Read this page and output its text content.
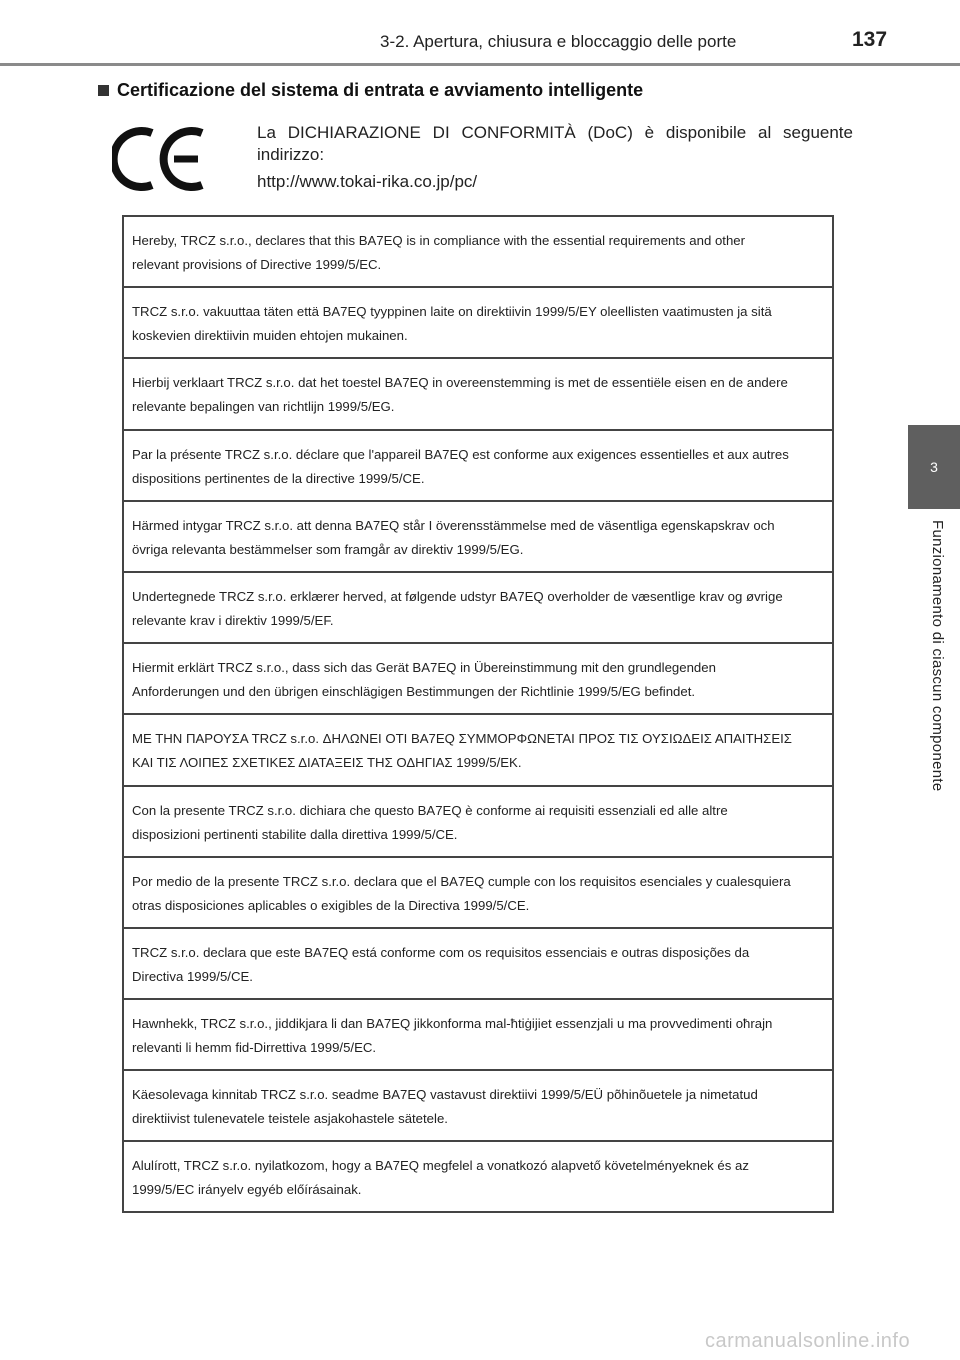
3-2. Apertura, chiusura e bloccaggio delle porte	137
3
Funzionamento di ciascun componente
Certificazione del sistema di entrata e avviamento intelligente
La DICHIARAZIONE DI CONFORMITÀ (DoC) è disponibile al seguente indirizzo:
http://www.tokai-rika.co.jp/pc/
Hereby, TRCZ s.r.o., declares that this BA7EQ is in compliance with the essential requirements and other relevant provisions of Directive 1999/5/EC.
TRCZ s.r.o. vakuuttaa täten että BA7EQ tyyppinen laite on direktiivin 1999/5/EY oleellisten vaatimusten ja sitä koskevien direktiivin muiden ehtojen mukainen.
Hierbij verklaart TRCZ s.r.o. dat het toestel BA7EQ in overeenstemming is met de essentiële eisen en de andere relevante bepalingen van richtlijn 1999/5/EG.
Par la présente TRCZ s.r.o. déclare que l'appareil BA7EQ est conforme aux exigences essentielles et aux autres dispositions pertinentes de la directive 1999/5/CE.
Härmed intygar TRCZ s.r.o. att denna BA7EQ står I överensstämmelse med de väsentliga egenskapskrav och övriga relevanta bestämmelser som framgår av direktiv 1999/5/EG.
Undertegnede TRCZ s.r.o. erklærer herved, at følgende udstyr BA7EQ overholder de væsentlige krav og øvrige relevante krav i direktiv 1999/5/EF.
Hiermit erklärt TRCZ s.r.o., dass sich das Gerät BA7EQ in Übereinstimmung mit den grundlegenden Anforderungen und den übrigen einschlägigen Bestimmungen der Richtlinie 1999/5/EG befindet.
ΜΕ ΤΗΝ ΠΑΡΟΥΣΑ TRCZ s.r.o. ΔΗΛΩΝΕΙ ΟΤΙ BA7EQ ΣΥΜΜΟΡΦΩΝΕΤΑΙ ΠΡΟΣ ΤΙΣ ΟΥΣΙΩΔΕΙΣ ΑΠΑΙΤΗΣΕΙΣ ΚΑΙ ΤΙΣ ΛΟΙΠΕΣ ΣΧΕΤΙΚΕΣ ΔΙΑΤΑΞΕΙΣ ΤΗΣ ΟΔΗΓΙΑΣ 1999/5/ΕΚ.
Con la presente TRCZ s.r.o. dichiara che questo BA7EQ è conforme ai requisiti essenziali ed alle altre disposizioni pertinenti stabilite dalla direttiva 1999/5/CE.
Por medio de la presente TRCZ s.r.o. declara que el BA7EQ cumple con los requisitos esenciales y cualesquiera otras disposiciones aplicables o exigibles de la Directiva 1999/5/CE.
TRCZ s.r.o. declara que este BA7EQ está conforme com os requisitos essenciais e outras disposições da Directiva 1999/5/CE.
Hawnhekk, TRCZ s.r.o., jiddikjara li dan BA7EQ jikkonforma mal-ħtiġijiet essenzjali u ma provvedimenti oħrajn relevanti li hemm fid-Dirrettiva 1999/5/EC.
Käesolevaga kinnitab TRCZ s.r.o. seadme BA7EQ vastavust direktiivi 1999/5/EÜ põhinõuetele ja nimetatud direktiivist tulenevatele teistele asjakohastele sätetele.
Alulírott, TRCZ s.r.o. nyilatkozom, hogy a BA7EQ megfelel a vonatkozó alapvető követelményeknek és az 1999/5/EC irányelv egyéb előírásainak.
carmanualsonline.info
